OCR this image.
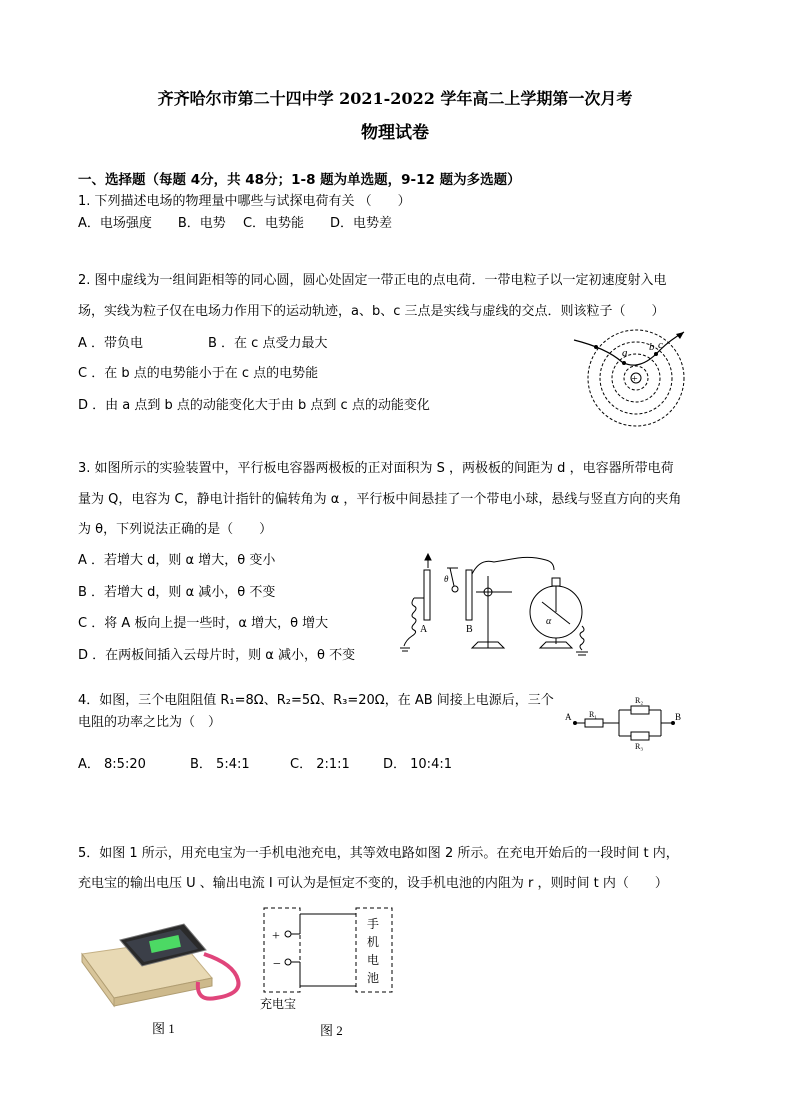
齐齐哈尔市第二十四中学 2021-2022 学年高二上学期第一次月考
物理试卷
一、选择题（每题 4分，共 48分；1-8 题为单选题，9-12 题为多选题）
1. 下列描述电场的物理量中哪些与试探电荷有关 （　　）
A．电场强度　　B．电势　 C．电势能　　D．电势差
2. 图中虚线为一组间距相等的同心圆，圆心处固定一带正电的点电荷．一带电粒子以一定初速度射入电
场，实线为粒子仅在电场力作用下的运动轨迹，a、b、c 三点是实线与虚线的交点．则该粒子（　　）
A ．带负电	B ．在 c 点受力最大
C ．在 b 点的电势能小于在 c 点的电势能
D ．由 a 点到 b 点的动能变化大于由 b 点到 c 点的动能变化
a b c
+
3. 如图所示的实验装置中，平行板电容器两极板的正对面积为 S ，两极板的间距为 d ，电容器所带电荷
量为 Q，电容为 C，静电计指针的偏转角为 α ，平行板中间悬挂了一个带电小球，悬线与竖直方向的夹角
为 θ，下列说法正确的是（　　）
A ．若增大 d，则 α 增大，θ 变小
B ．若增大 d，则 α 减小，θ 不变
C ．将 A 板向上提一些时，α 增大，θ 增大
D ．在两板间插入云母片时，则 α 减小，θ 不变
A	B
θ
α
4．如图，三个电阻阻值 R₁=8Ω、R₂=5Ω、R₃=20Ω，在 AB 间接上电源后，三个
电阻的功率之比为（　）
A． 8:5:20	B． 5:4:1	C． 2:1:1	D． 10:4:1
A	B
R₁
R₂
R₃
5．如图 1 所示，用充电宝为一手机电池充电，其等效电路如图 2 所示。在充电开始后的一段时间 t 内，
充电宝的输出电压 U 、输出电流 I 可认为是恒定不变的，设手机电池的内阻为 r ，则时间 t 内（　　）
图 1
+
−
手
机
电
池
充电宝
图 2
